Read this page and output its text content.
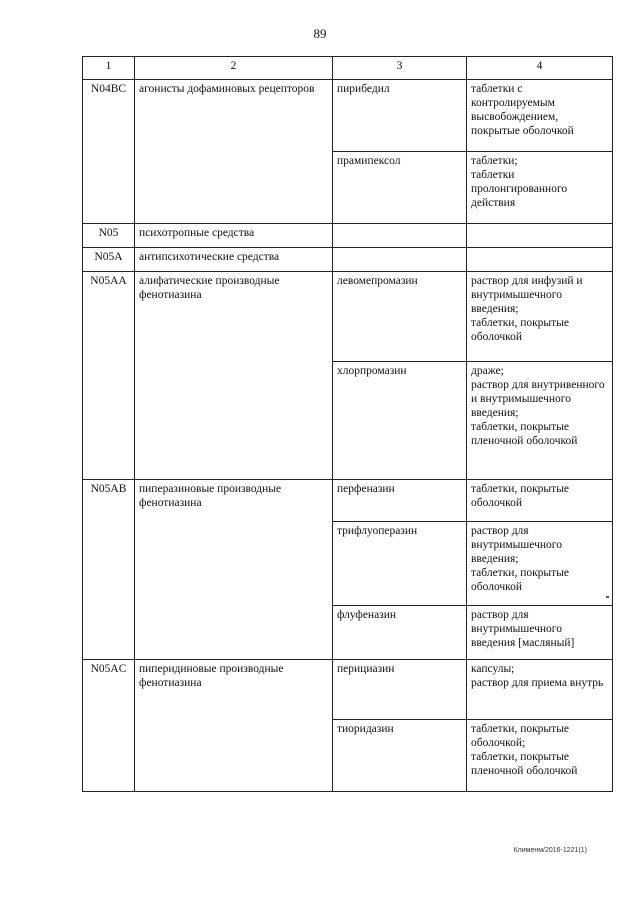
89
1	2	3	4
N04BC	агонисты дофаминовых рецепторов	пирибедил	таблетки с контролируемым высвобождением, покрытые оболочкой

		прамипексол	таблетки;
таблетки пролонгированного действия

N05	психотропные средства		

N05A	антипсихотические средства		

N05AA	алифатические производные фенотиазина	левомепромазин	раствор для инфузий и внутримышечного введения;
таблетки, покрытые оболочкой

		хлорпромазин	драже;
раствор для внутривенного и внутримышечного введения;
таблетки, покрытые пленочной оболочкой

N05AB	пиперазиновые производные фенотиазина	перфеназин	таблетки, покрытые оболочкой

		трифлуоперазин	раствор для внутримышечного введения;
таблетки, покрытые оболочкой

		флуфеназин	раствор для внутримышечного введения [масляный]

N05AC	пиперидиновые производные фенотиазина	перициазин	капсулы;
раствор для приема внутрь

		тиоридазин	таблетки, покрытые оболочкой;
таблетки, покрытые пленочной оболочкой
Клименм/2016-1221(1)
